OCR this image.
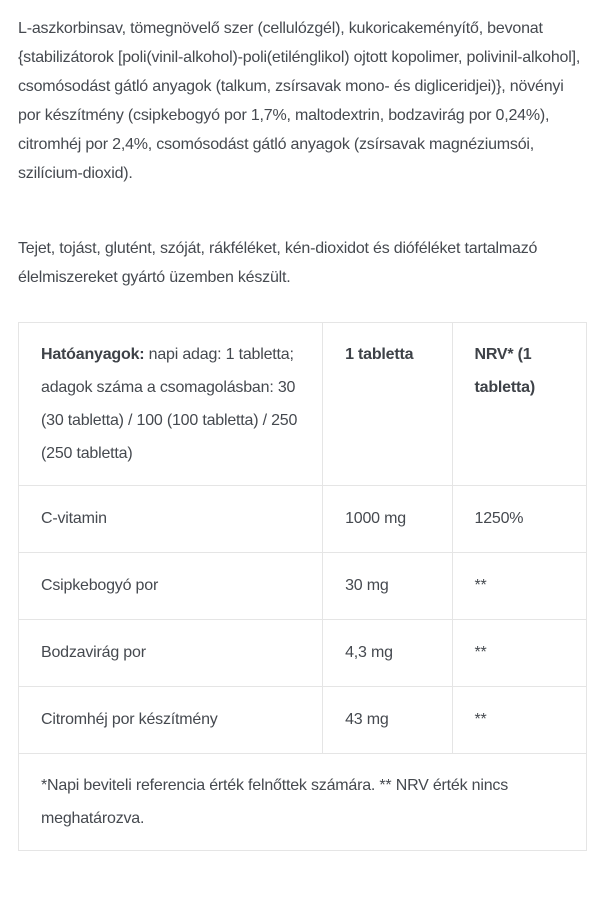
L-aszkorbinsav, tömegnövelő szer (cellulózgél), kukoricakeményítő, bevonat {stabilizátorok [poli(vinil-alkohol)-poli(etilénglikol) ojtott kopolimer, polivinil-alkohol], csomósodást gátló anyagok (talkum, zsírsavak mono- és digliceridjei)}, növényi por készítmény (csipkebogyó por 1,7%, maltodextrin, bodzavirág por 0,24%), citromhéj por 2,4%, csomósodást gátló anyagok (zsírsavak magnéziumsói, szilícium-dioxid).

Tejet, tojást, glutént, szóját, rákféléket, kén-dioxidot és dióféléket tartalmazó élelmiszereket gyártó üzemben készült.

Hatóanyagok: napi adag: 1 tabletta; adagok száma a csomagolásban: 30 (30 tabletta) / 100 (100 tabletta) / 250 (250 tabletta)	1 tabletta	NRV* (1 tabletta)
C-vitamin	1000 mg	1250%
Csipkebogyó por	30 mg	**
Bodzavirág por	4,3 mg	**
Citromhéj por készítmény	43 mg	**
*Napi beviteli referencia érték felnőttek számára. ** NRV érték nincs meghatározva.		
